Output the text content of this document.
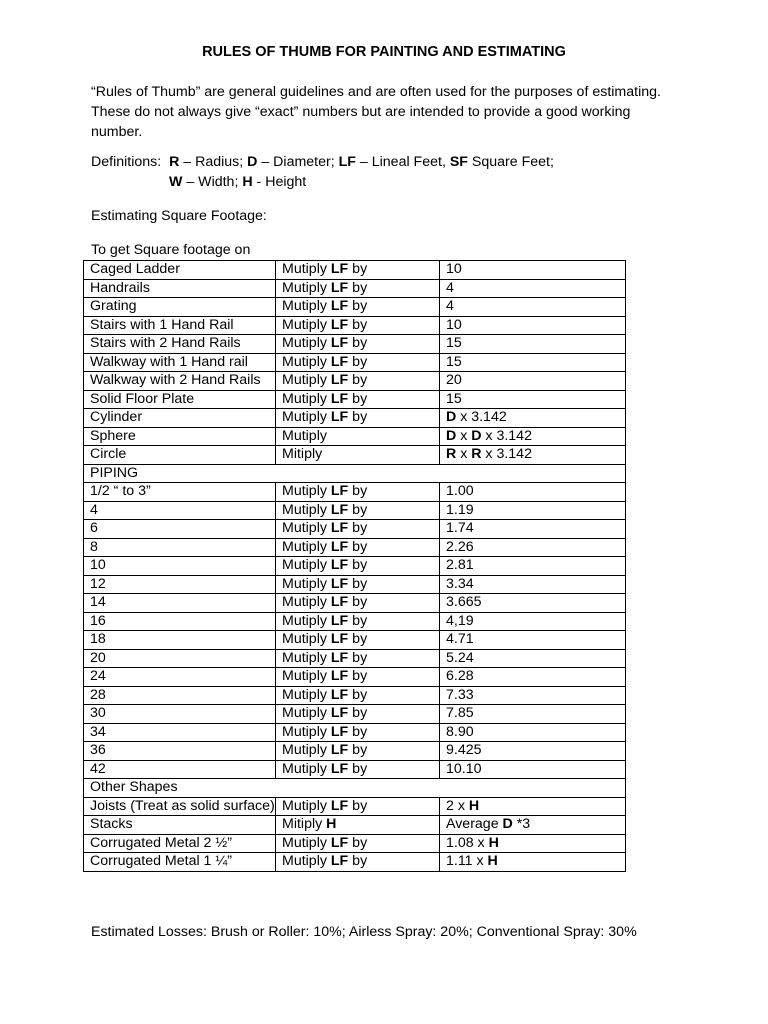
RULES OF THUMB FOR PAINTING AND ESTIMATING
“Rules of Thumb” are general guidelines and are often used for the purposes of estimating. These do not always give “exact” numbers but are intended to provide a good working number.
Definitions: R – Radius; D – Diameter; LF – Lineal Feet, SF Square Feet;
W – Width; H - Height
Estimating Square Footage:
To get Square footage on
Caged Ladder	Mutiply LF by	10
Handrails	Mutiply LF by	4
Grating	Mutiply LF by	4
Stairs with 1 Hand Rail	Mutiply LF by	10
Stairs with 2 Hand Rails	Mutiply LF by	15
Walkway with 1 Hand rail	Mutiply LF by	15
Walkway with 2 Hand Rails	Mutiply LF by	20
Solid Floor Plate	Mutiply LF by	15
Cylinder	Mutiply LF by	D x 3.142
Sphere	Mutiply	D x D x 3.142
Circle	Mitiply	R x R x 3.142
PIPING		
1/2 “ to 3”	Mutiply LF by	1.00
4	Mutiply LF by	1.19
6	Mutiply LF by	1.74
8	Mutiply LF by	2.26
10	Mutiply LF by	2.81
12	Mutiply LF by	3.34
14	Mutiply LF by	3.665
16	Mutiply LF by	4,19
18	Mutiply LF by	4.71
20	Mutiply LF by	5.24
24	Mutiply LF by	6.28
28	Mutiply LF by	7.33
30	Mutiply LF by	7.85
34	Mutiply LF by	8.90
36	Mutiply LF by	9.425
42	Mutiply LF by	10.10
Other Shapes		
Joists (Treat as solid surface)	Mutiply LF by	2 x H
Stacks	Mitiply H	Average D *3
Corrugated Metal 2 ½”	Mutiply LF by	1.08 x H
Corrugated Metal 1 ¼”	Mutiply LF by	1.11 x H
Estimated Losses: Brush or Roller: 10%; Airless Spray: 20%; Conventional Spray: 30%
